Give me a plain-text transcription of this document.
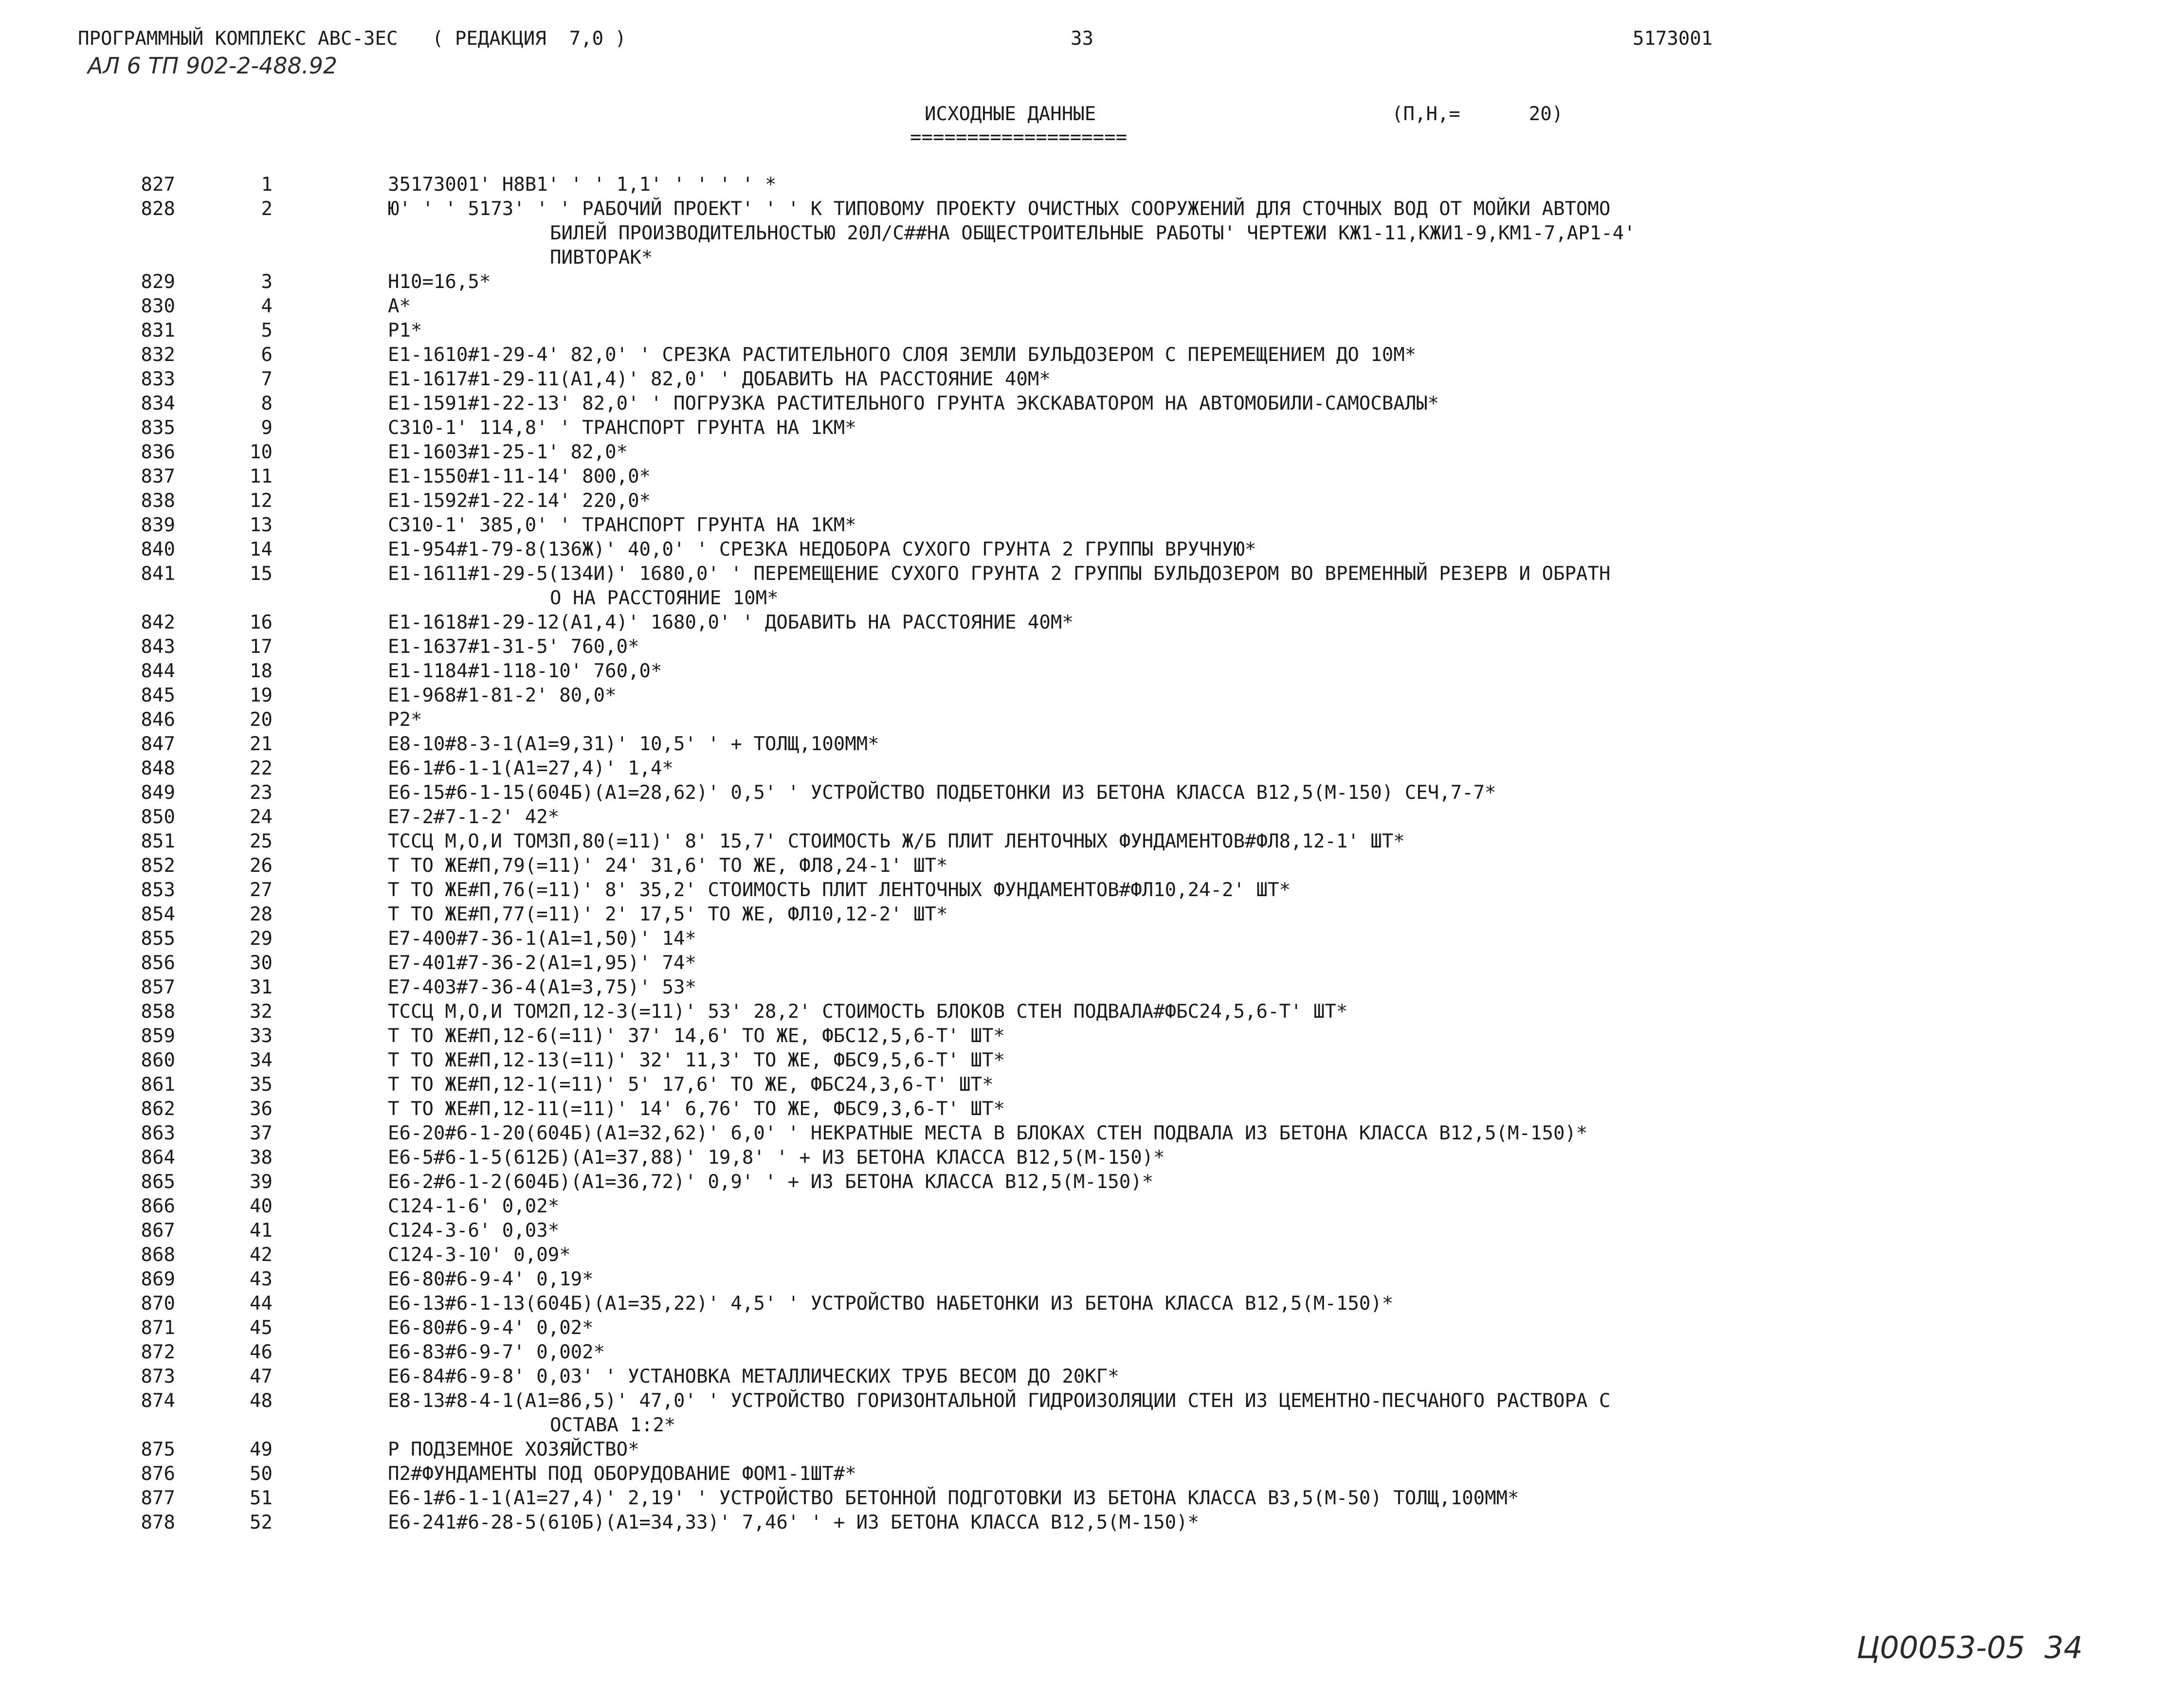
ПРОГРАММНЫЙ КОМПЛЕКС АВС-3ЕС   ( РЕДАКЦИЯ  7,0 )	33	5173001
АЛ 6 ТП 902-2-488.92
ИСХОДНЫЕ ДАННЫЕ	(П,Н,=      20)
===================
827	1	35173001' Н8В1' ' ' 1,1' ' ' ' ' *
828	2	Ю' ' ' 5173' ' ' РАБОЧИЙ ПРОЕКТ' ' ' К ТИПОВОМУ ПРОЕКТУ ОЧИСТНЫХ СООРУЖЕНИЙ ДЛЯ СТОЧНЫХ ВОД ОТ МОЙКИ АВТОМО
БИЛЕЙ ПРОИЗВОДИТЕЛЬНОСТЬЮ 20Л/С##НА ОБЩЕСТРОИТЕЛЬНЫЕ РАБОТЫ' ЧЕРТЕЖИ КЖ1-11,КЖИ1-9,КМ1-7,АР1-4'
ПИВТОРАК*
829	3	Н10=16,5*
830	4	А*
831	5	Р1*
832	6	Е1-1610#1-29-4' 82,0' ' СРЕЗКА РАСТИТЕЛЬНОГО СЛОЯ ЗЕМЛИ БУЛЬДОЗЕРОМ С ПЕРЕМЕЩЕНИЕМ ДО 10М*
833	7	Е1-1617#1-29-11(А1,4)' 82,0' ' ДОБАВИТЬ НА РАССТОЯНИЕ 40М*
834	8	Е1-1591#1-22-13' 82,0' ' ПОГРУЗКА РАСТИТЕЛЬНОГО ГРУНТА ЭКСКАВАТОРОМ НА АВТОМОБИЛИ-САМОСВАЛЫ*
835	9	С310-1' 114,8' ' ТРАНСПОРТ ГРУНТА НА 1КМ*
836	10	Е1-1603#1-25-1' 82,0*
837	11	Е1-1550#1-11-14' 800,0*
838	12	Е1-1592#1-22-14' 220,0*
839	13	С310-1' 385,0' ' ТРАНСПОРТ ГРУНТА НА 1КМ*
840	14	Е1-954#1-79-8(136Ж)' 40,0' ' СРЕЗКА НЕДОБОРА СУХОГО ГРУНТА 2 ГРУППЫ ВРУЧНУЮ*
841	15	Е1-1611#1-29-5(134И)' 1680,0' ' ПЕРЕМЕЩЕНИЕ СУХОГО ГРУНТА 2 ГРУППЫ БУЛЬДОЗЕРОМ ВО ВРЕМЕННЫЙ РЕЗЕРВ И ОБРАТН
О НА РАССТОЯНИЕ 10М*
842	16	Е1-1618#1-29-12(А1,4)' 1680,0' ' ДОБАВИТЬ НА РАССТОЯНИЕ 40М*
843	17	Е1-1637#1-31-5' 760,0*
844	18	Е1-1184#1-118-10' 760,0*
845	19	Е1-968#1-81-2' 80,0*
846	20	Р2*
847	21	Е8-10#8-3-1(А1=9,31)' 10,5' ' + ТОЛЩ,100ММ*
848	22	Е6-1#6-1-1(А1=27,4)' 1,4*
849	23	Е6-15#6-1-15(604Б)(А1=28,62)' 0,5' ' УСТРОЙСТВО ПОДБЕТОНКИ ИЗ БЕТОНА КЛАССА В12,5(М-150) СЕЧ,7-7*
850	24	Е7-2#7-1-2' 42*
851	25	ТССЦ М,О,И ТОМ3П,80(=11)' 8' 15,7' СТОИМОСТЬ Ж/Б ПЛИТ ЛЕНТОЧНЫХ ФУНДАМЕНТОВ#ФЛ8,12-1' ШТ*
852	26	Т ТО ЖЕ#П,79(=11)' 24' 31,6' ТО ЖЕ, ФЛ8,24-1' ШТ*
853	27	Т ТО ЖЕ#П,76(=11)' 8' 35,2' СТОИМОСТЬ ПЛИТ ЛЕНТОЧНЫХ ФУНДАМЕНТОВ#ФЛ10,24-2' ШТ*
854	28	Т ТО ЖЕ#П,77(=11)' 2' 17,5' ТО ЖЕ, ФЛ10,12-2' ШТ*
855	29	Е7-400#7-36-1(А1=1,50)' 14*
856	30	Е7-401#7-36-2(А1=1,95)' 74*
857	31	Е7-403#7-36-4(А1=3,75)' 53*
858	32	ТССЦ М,О,И ТОМ2П,12-3(=11)' 53' 28,2' СТОИМОСТЬ БЛОКОВ СТЕН ПОДВАЛА#ФБС24,5,6-Т' ШТ*
859	33	Т ТО ЖЕ#П,12-6(=11)' 37' 14,6' ТО ЖЕ, ФБС12,5,6-Т' ШТ*
860	34	Т ТО ЖЕ#П,12-13(=11)' 32' 11,3' ТО ЖЕ, ФБС9,5,6-Т' ШТ*
861	35	Т ТО ЖЕ#П,12-1(=11)' 5' 17,6' ТО ЖЕ, ФБС24,3,6-Т' ШТ*
862	36	Т ТО ЖЕ#П,12-11(=11)' 14' 6,76' ТО ЖЕ, ФБС9,3,6-Т' ШТ*
863	37	Е6-20#6-1-20(604Б)(А1=32,62)' 6,0' ' НЕКРАТНЫЕ МЕСТА В БЛОКАХ СТЕН ПОДВАЛА ИЗ БЕТОНА КЛАССА В12,5(М-150)*
864	38	Е6-5#6-1-5(612Б)(А1=37,88)' 19,8' ' + ИЗ БЕТОНА КЛАССА В12,5(М-150)*
865	39	Е6-2#6-1-2(604Б)(А1=36,72)' 0,9' ' + ИЗ БЕТОНА КЛАССА В12,5(М-150)*
866	40	С124-1-6' 0,02*
867	41	С124-3-6' 0,03*
868	42	С124-3-10' 0,09*
869	43	Е6-80#6-9-4' 0,19*
870	44	Е6-13#6-1-13(604Б)(А1=35,22)' 4,5' ' УСТРОЙСТВО НАБЕТОНКИ ИЗ БЕТОНА КЛАССА В12,5(М-150)*
871	45	Е6-80#6-9-4' 0,02*
872	46	Е6-83#6-9-7' 0,002*
873	47	Е6-84#6-9-8' 0,03' ' УСТАНОВКА МЕТАЛЛИЧЕСКИХ ТРУБ ВЕСОМ ДО 20КГ*
874	48	Е8-13#8-4-1(А1=86,5)' 47,0' ' УСТРОЙСТВО ГОРИЗОНТАЛЬНОЙ ГИДРОИЗОЛЯЦИИ СТЕН ИЗ ЦЕМЕНТНО-ПЕСЧАНОГО РАСТВОРА С
ОСТАВА 1:2*
875	49	Р ПОДЗЕМНОЕ ХОЗЯЙСТВО*
876	50	П2#ФУНДАМЕНТЫ ПОД ОБОРУДОВАНИЕ ФОМ1-1ШТ#*
877	51	Е6-1#6-1-1(А1=27,4)' 2,19' ' УСТРОЙСТВО БЕТОННОЙ ПОДГОТОВКИ ИЗ БЕТОНА КЛАССА В3,5(М-50) ТОЛЩ,100ММ*
878	52	Е6-241#6-28-5(610Б)(А1=34,33)' 7,46' ' + ИЗ БЕТОНА КЛАССА В12,5(М-150)*
Ц00053-05  34
